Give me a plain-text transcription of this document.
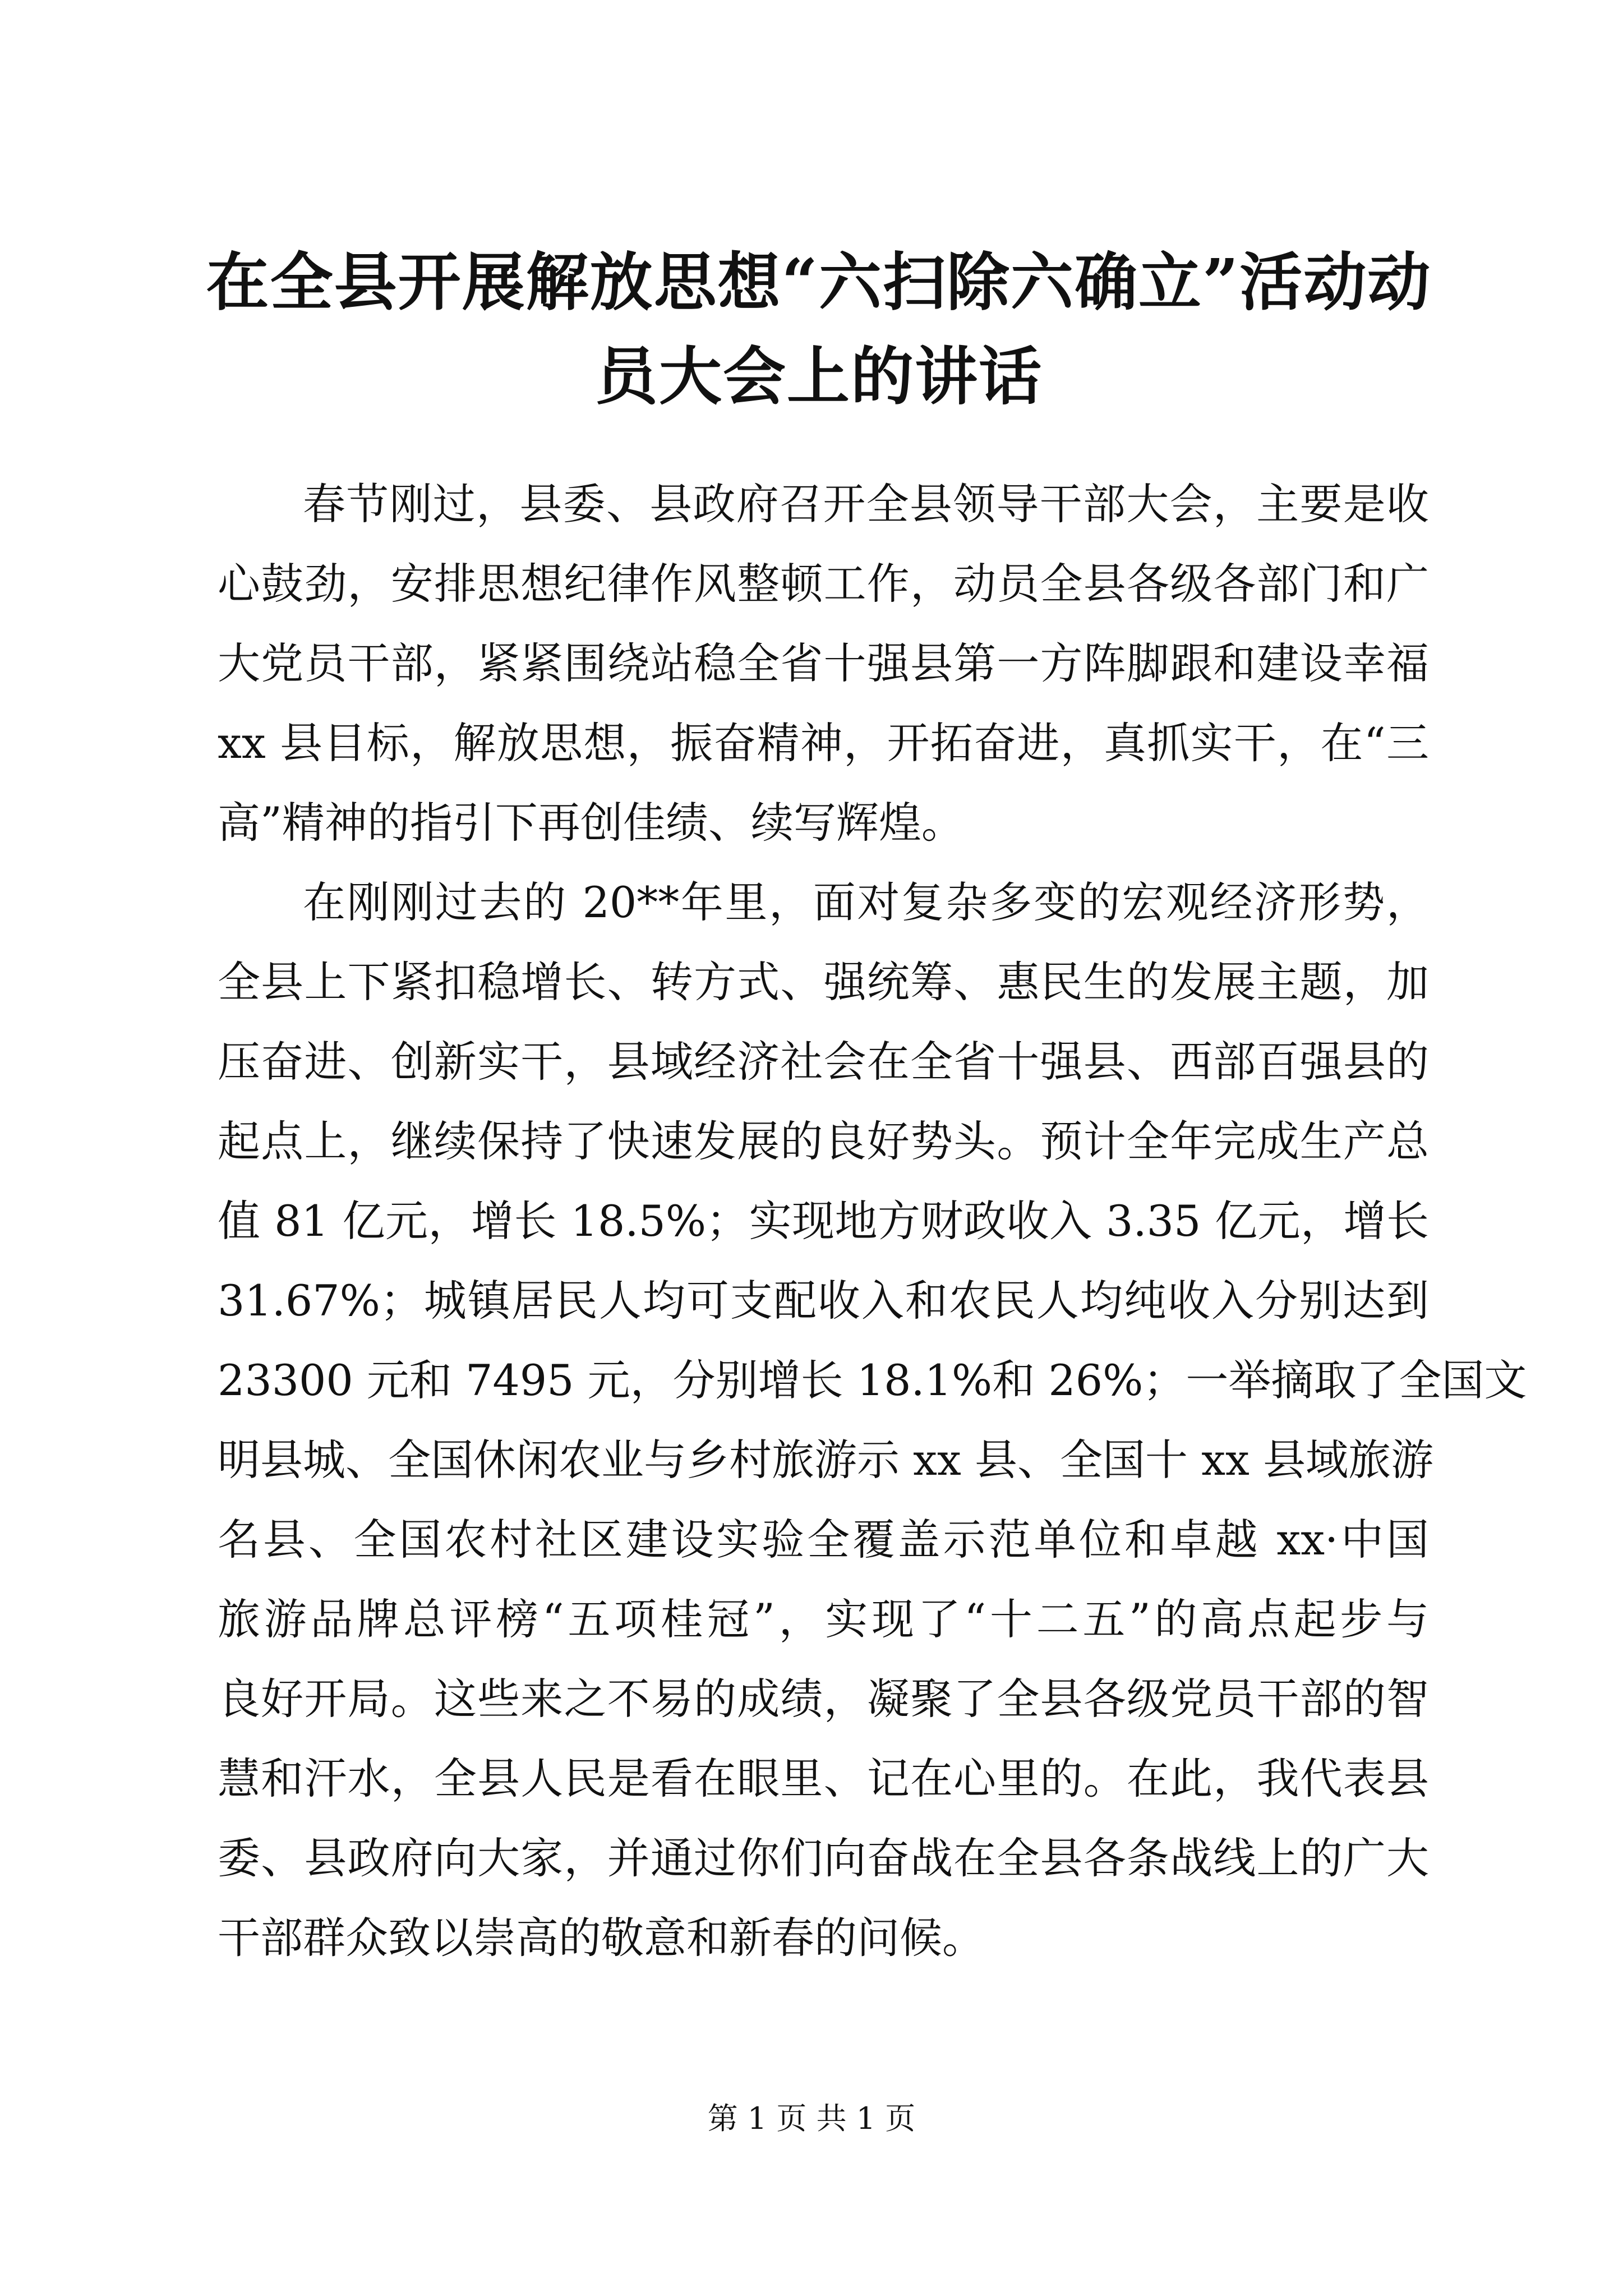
在全县开展解放思想“六扫除六确立”活动动
员大会上的讲话

春节刚过，县委、县政府召开全县领导干部大会，主要是收
心鼓劲，安排思想纪律作风整顿工作，动员全县各级各部门和广
大党员干部，紧紧围绕站稳全省十强县第一方阵脚跟和建设幸福
xx 县目标，解放思想，振奋精神，开拓奋进，真抓实干，在“三
高”精神的指引下再创佳绩、续写辉煌。

在刚刚过去的 20**年里，面对复杂多变的宏观经济形势，
全县上下紧扣稳增长、转方式、强统筹、惠民生的发展主题，加
压奋进、创新实干，县域经济社会在全省十强县、西部百强县的
起点上，继续保持了快速发展的良好势头。预计全年完成生产总
值 81 亿元，增长 18.5%；实现地方财政收入 3.35 亿元，增长
31.67%；城镇居民人均可支配收入和农民人均纯收入分别达到
23300 元和 7495 元，分别增长 18.1%和 26%；一举摘取了全国文
明县城、全国休闲农业与乡村旅游示 xx 县、全国十 xx 县域旅游
名县、全国农村社区建设实验全覆盖示范单位和卓越 xx·中国
旅游品牌总评榜“五项桂冠”，实现了“十二五”的高点起步与
良好开局。这些来之不易的成绩，凝聚了全县各级党员干部的智
慧和汗水，全县人民是看在眼里、记在心里的。在此，我代表县
委、县政府向大家，并通过你们向奋战在全县各条战线上的广大
干部群众致以崇高的敬意和新春的问候。

第 1 页 共 1 页
